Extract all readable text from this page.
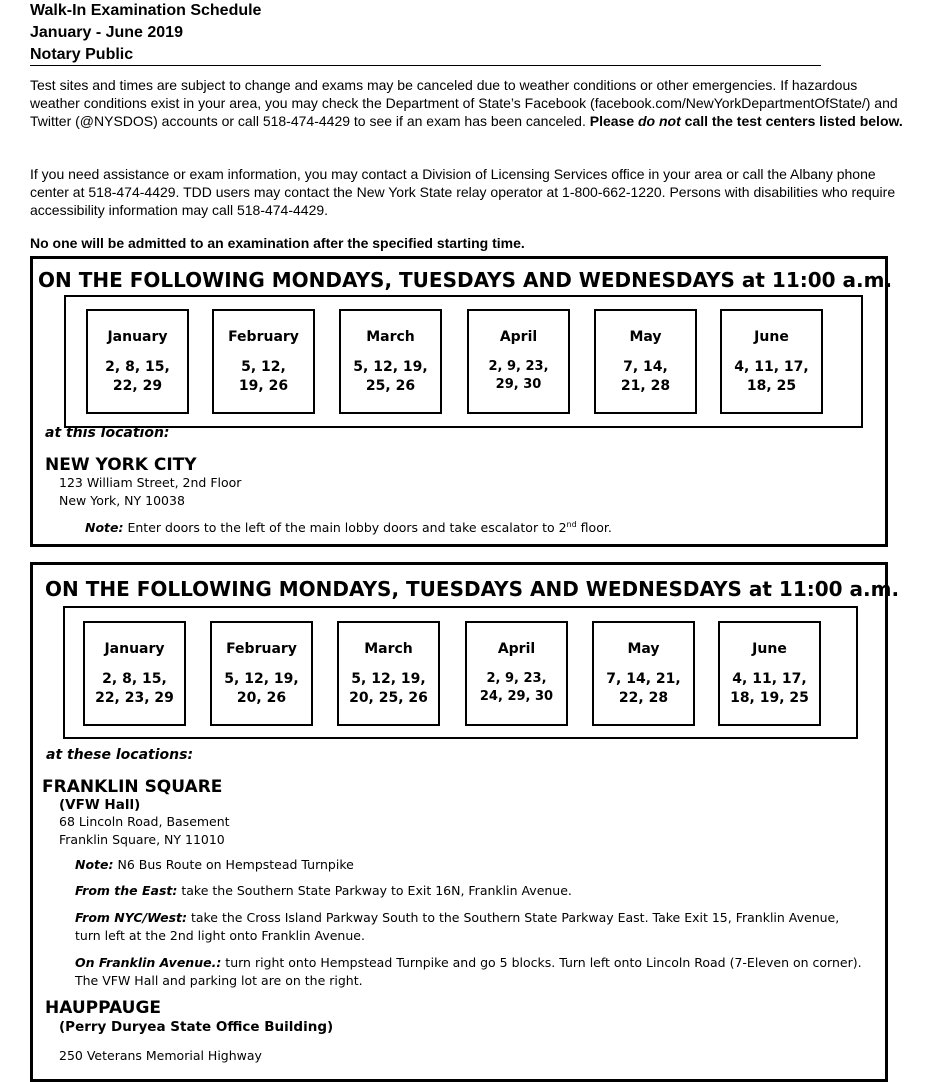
Walk-In Examination Schedule
January - June 2019
Notary Public
Test sites and times are subject to change and exams may be canceled due to weather conditions or other emergencies. If hazardous weather conditions exist in your area, you may check the Department of State’s Facebook (facebook.com/NewYorkDepartmentOfState/) and Twitter (@NYSDOS) accounts or call 518-474-4429 to see if an exam has been canceled. Please do not call the test centers listed below.
If you need assistance or exam information, you may contact a Division of Licensing Services office in your area or call the Albany phone center at 518-474-4429. TDD users may contact the New York State relay operator at 1-800-662-1220. Persons with disabilities who require accessibility information may call 518-474-4429.
No one will be admitted to an examination after the specified starting time.
ON THE FOLLOWING MONDAYS, TUESDAYS AND WEDNESDAYS at 11:00 a.m.
at this location:
NEW YORK CITY
123 William Street, 2nd Floor
New York, NY 10038
Note: Enter doors to the left of the main lobby doors and take escalator to 2nd floor.
January
2, 8, 15,
22, 29
February
5, 12,
19, 26
March
5, 12, 19,
25, 26
April
2, 9, 23,
29, 30
May
7, 14,
21, 28
June
4, 11, 17,
18, 25
ON THE FOLLOWING MONDAYS, TUESDAYS AND WEDNESDAYS at 11:00 a.m.
at these locations:
FRANKLIN SQUARE
(VFW Hall)
68 Lincoln Road, Basement
Franklin Square, NY 11010
Note: N6 Bus Route on Hempstead Turnpike
From the East: take the Southern State Parkway to Exit 16N, Franklin Avenue.
From NYC/West: take the Cross Island Parkway South to the Southern State Parkway East. Take Exit 15, Franklin Avenue, turn left at the 2nd light onto Franklin Avenue.
On Franklin Avenue.: turn right onto Hempstead Turnpike and go 5 blocks. Turn left onto Lincoln Road (7-Eleven on corner). The VFW Hall and parking lot are on the right.
HAUPPAUGE
(Perry Duryea State Office Building)
250 Veterans Memorial Highway
January
2, 8, 15,
22, 23, 29
February
5, 12, 19,
20, 26
March
5, 12, 19,
20, 25, 26
April
2, 9, 23,
24, 29, 30
May
7, 14, 21,
22, 28
June
4, 11, 17,
18, 19, 25
